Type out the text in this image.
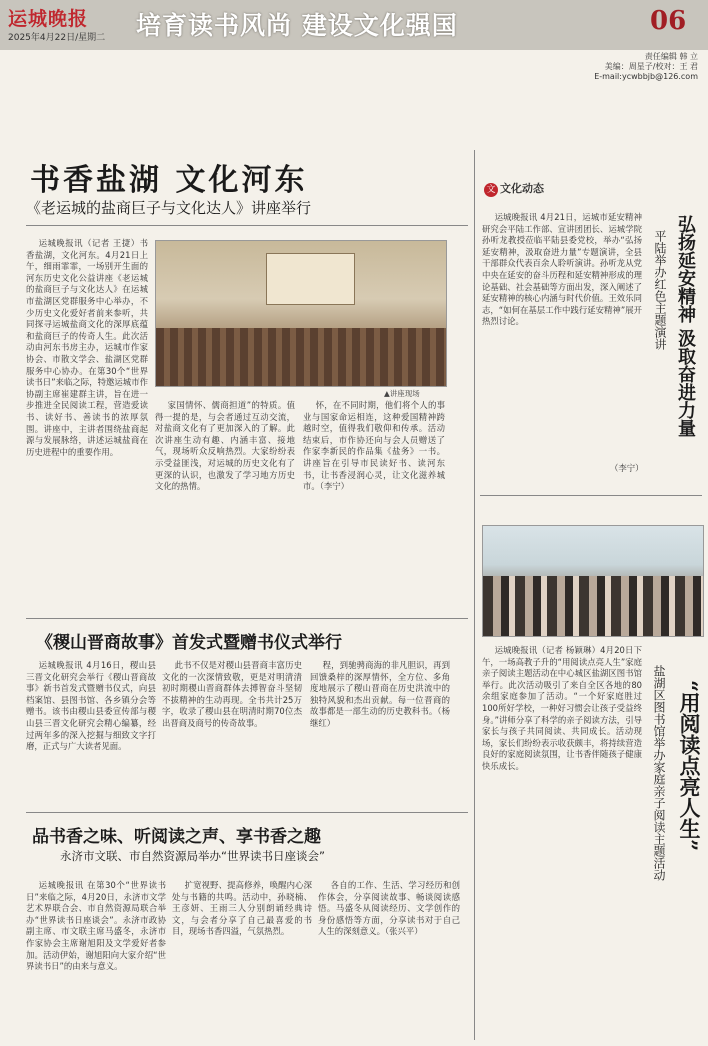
运城晚报
2025年4月22日/星期二 培育读书风尚 建设文化强国	06
责任编辑 韩 立
美编：周星子/校对：王 君
E-mail:ycwbbjb@126.com
书香盐湖 文化河东
《老运城的盐商巨子与文化达人》讲座举行

运城晚报讯（记者 王捷）书香盐湖，文化河东。4月21日上午，细雨霏霏，一场别开生面的河东历史文化公益讲座《老运城的盐商巨子与文化达人》在运城市盐湖区党群服务中心举办，不少历史文化爱好者前来参听，共同探寻运城盐商文化的深厚底蕴和盐商巨子的传奇人生。此次活动由河东书房主办，运城市作家协会、市散文学会、盐湖区党群服务中心协办。在第30个“世界读书日”来临之际，特邀运城市作协副主席崔建群主讲，旨在进一步推进全民阅读工程，营造爱读书、读好书、善读书的浓厚氛围。讲座中，主讲者围绕盐商起源与发展脉络，讲述运城盐商在历史进程中的重要作用。

▲讲座现场

家国情怀、儒商担道”的特质。值得一提的是，与会者通过互动交流，对盐商文化有了更加深入的了解。此次讲座生动有趣、内涵丰富、接地气，现场听众反响热烈。大家纷纷表示受益匪浅，对运城的历史文化有了更深的认识，也激发了学习地方历史文化的热情。

怀，在不同时期，他们将个人的事业与国家命运相连，这种爱国精神跨越时空，值得我们敬仰和传承。活动结束后，市作协还向与会人员赠送了作家李新民的作品集《盐务》一书。讲座旨在引导市民读好书、读河东书，让书香浸润心灵，让文化滋养城市。（李宁）

《稷山晋商故事》首发式暨赠书仪式举行

运城晚报讯 4月16日，稷山县三晋文化研究会举行《稷山晋商故事》新书首发式暨赠书仪式，向县档案馆、县图书馆、各乡镇分会等赠书。该书由稷山县委宣传部与稷山县三晋文化研究会精心编纂，经过两年多的深入挖掘与细致文字打磨，正式与广大读者见面。

此书不仅是对稷山县晋商丰富历史文化的一次深情致敬，更是对明清清初时期稷山晋商群体去搏智奋斗坚韧不拔精神的生动再现。全书共计25万字，收录了稷山县在明清时期70位杰出晋商及商号的传奇故事。

程，到驰骋商海的非凡胆识，再到回馈桑梓的深厚情怀，全方位、多角度地展示了稷山晋商在历史洪流中的独特风貌和杰出贡献。每一位晋商的故事都是一部生动的历史教科书。（杨继红）

品书香之味、听阅读之声、享书香之趣
永济市文联、市自然资源局举办“世界读书日座谈会”

运城晚报讯 在第30个“世界读书日”来临之际，4月20日，永济市文学艺术界联合会、市自然资源局联合举办“世界读书日座谈会”。永济市政协副主席、市文联主席马盛冬，永济市作家协会主席谢旭阳及文学爱好者参加。活动伊始，谢旭阳向大家介绍“世界读书日”的由来与意义。

扩宽视野、提高修养，唤醒内心深处与书籍的共鸣。活动中，孙晓楠、王彦妍、王雨三人分别朗诵经典诗文，与会者分享了自己最喜爱的书目，现场书香四溢，气氛热烈。

各自的工作、生活、学习经历和创作体会，分享阅读故事、畅谈阅读感悟。马盛冬从阅读经历、文学创作的身份感悟等方面，分享读书对于自己人生的深刻意义。（张兴平）

文 文化动态

运城晚报讯 4月21日，运城市延安精神研究会平陆工作部、宣讲团团长、运城学院孙听龙教授莅临平陆县委党校，举办“弘扬延安精神，汲取奋进力量”专题演讲，全县干部群众代表百余人聆听演讲。孙听龙从党中央在延安的奋斗历程和延安精神形成的理论基础、社会基础等方面出发，深入阐述了延安精神的核心内涵与时代价值。王效乐同志，“如何在基层工作中践行延安精神”展开热烈讨论。

（李宁）
弘扬延安精神 汲取奋进力量
平陆举办红色主题演讲

运城晚报讯（记者 杨颖琳）4月20日下午，一场高教子升的“用阅读点亮人生”家庭亲子阅读主题活动在中心城区盐湖区图书馆举行。此次活动吸引了来自全区各地的80余组家庭参加了活动。“一个好家庭胜过100所好学校，一种好习惯会让孩子受益终身。”讲师分享了科学的亲子阅读方法，引导家长与孩子共同阅读、共同成长。活动现场，家长们纷纷表示收获颇丰，将持续营造良好的家庭阅读氛围，让书香伴随孩子健康快乐成长。	“用阅读点亮人生”
盐湖区图书馆举办家庭亲子阅读主题活动
